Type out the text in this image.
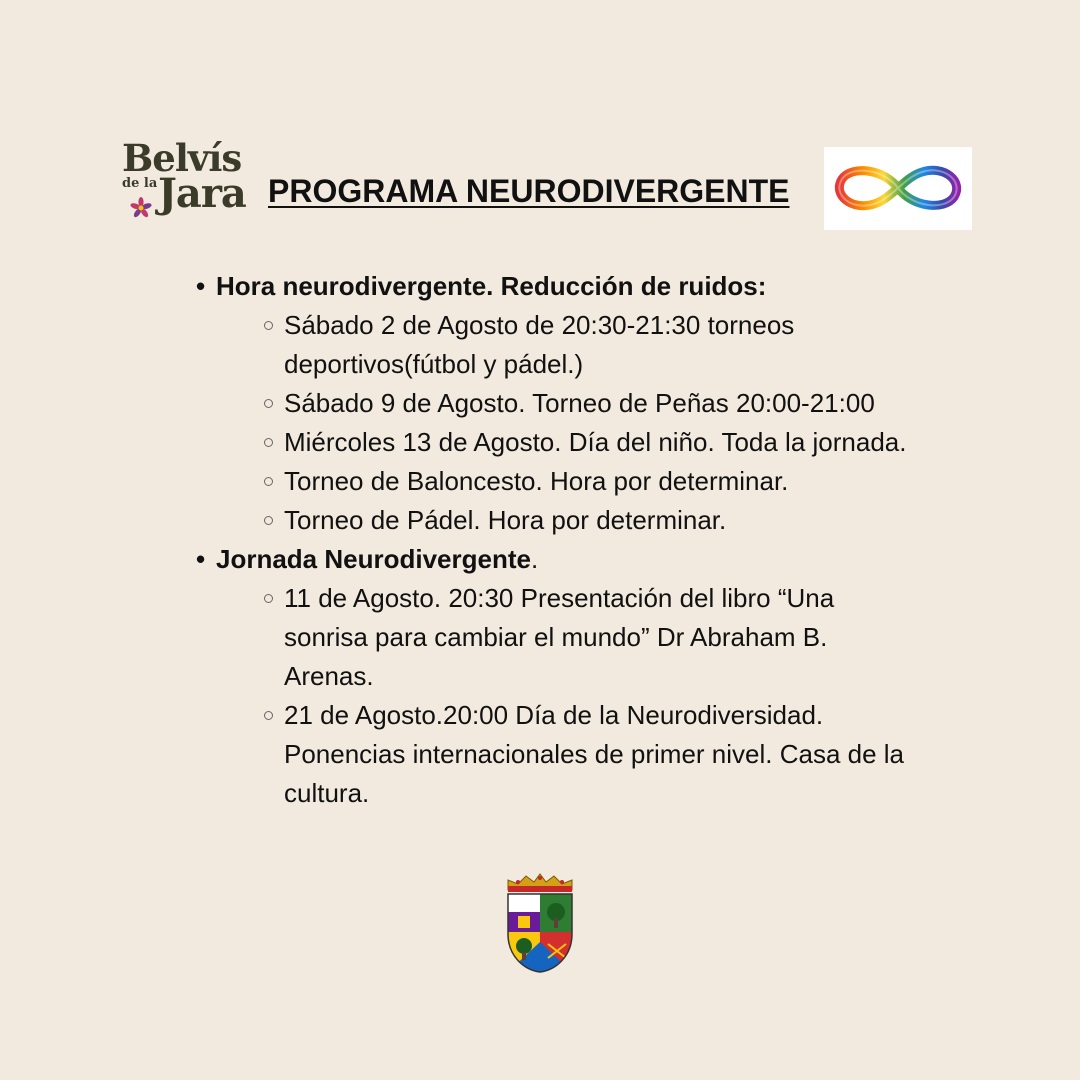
Belvís
de la Jara PROGRAMA NEURODIVERGENTE
• Hora neurodivergente. Reducción de ruidos:
Sábado 2 de Agosto de 20:30-21:30 torneos deportivos(fútbol y pádel.)
Sábado 9 de Agosto. Torneo de Peñas 20:00-21:00
Miércoles 13 de Agosto. Día del niño. Toda la jornada.
Torneo de Baloncesto. Hora por determinar.
Torneo de Pádel. Hora por determinar.
• Jornada Neurodivergente.
11 de Agosto. 20:30 Presentación del libro “Una sonrisa para cambiar el mundo” Dr Abraham B. Arenas.
21 de Agosto.20:00 Día de la Neurodiversidad. Ponencias internacionales de primer nivel. Casa de la cultura.
